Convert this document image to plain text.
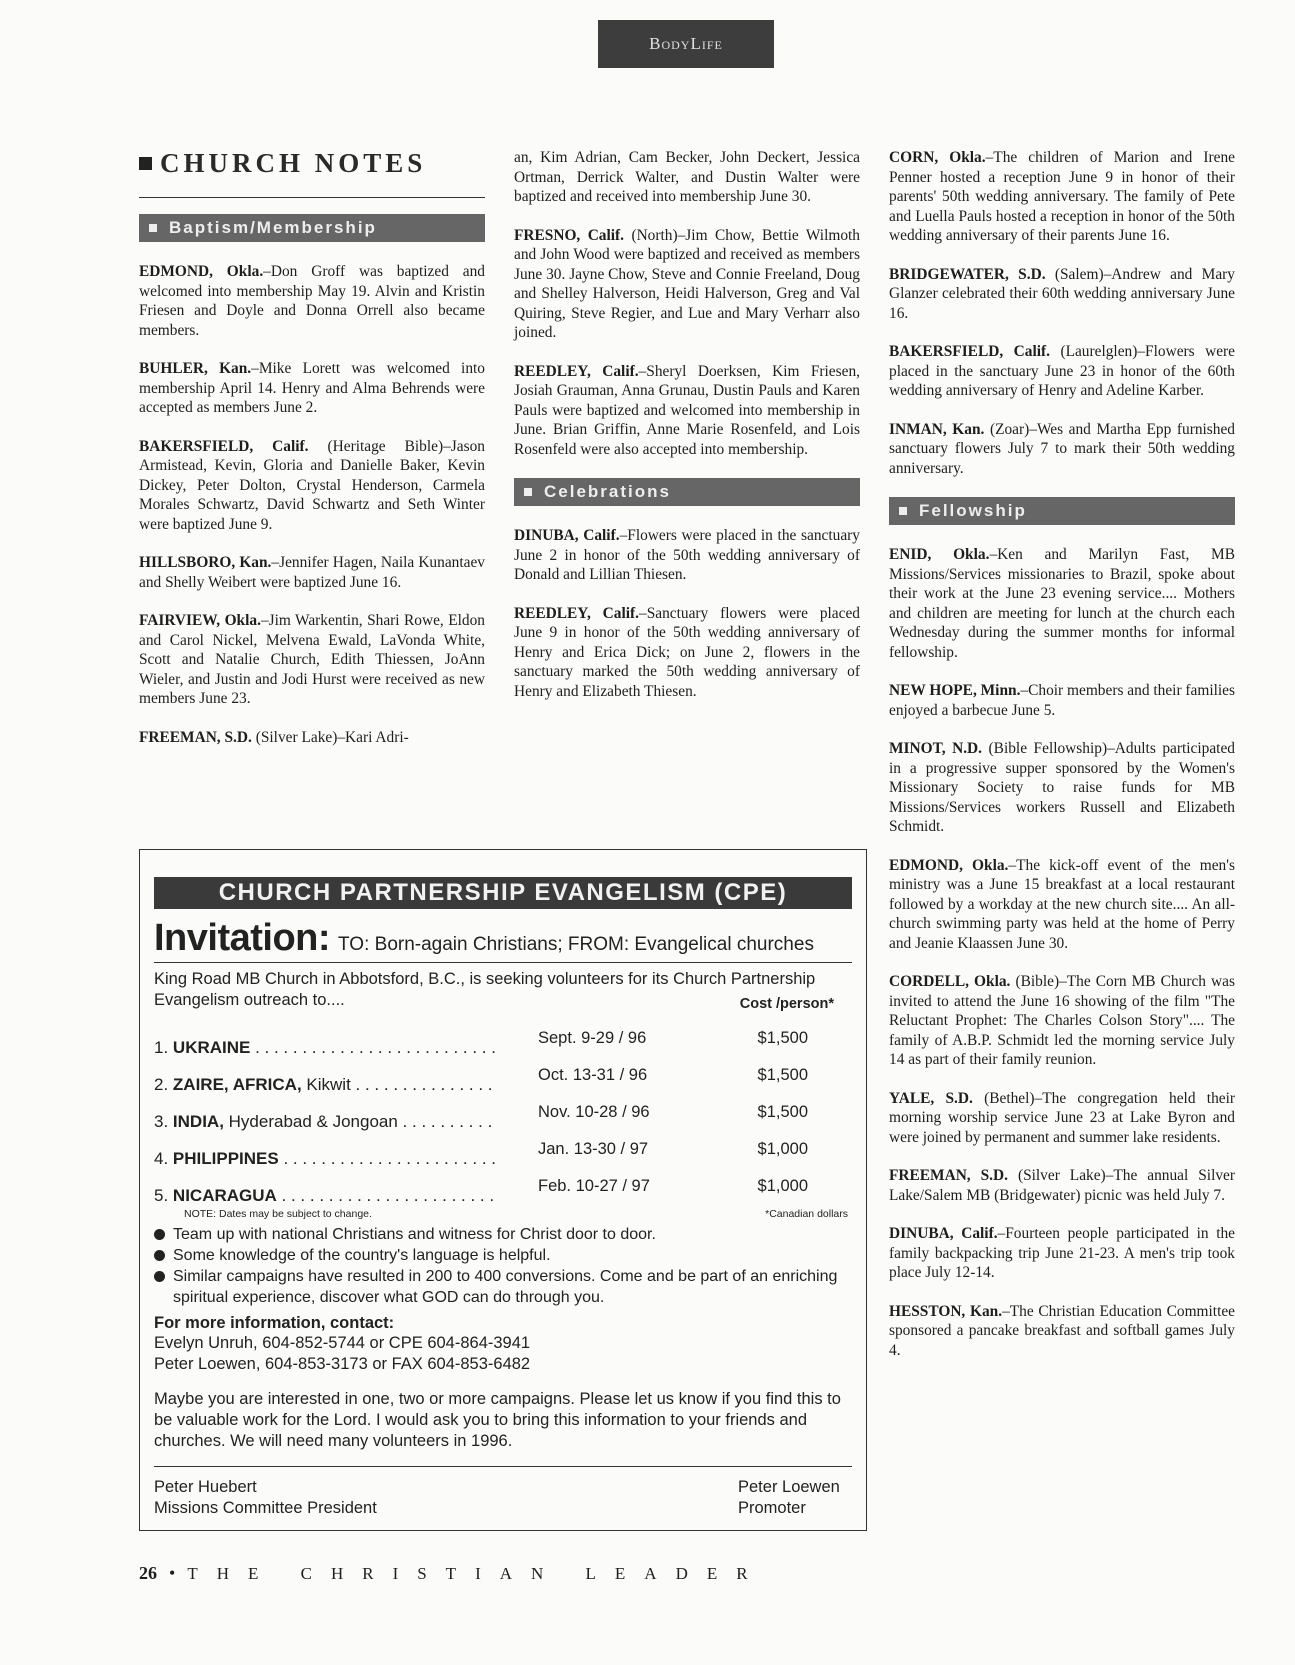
BodyLife
CHURCH NOTES
Baptism/Membership

EDMOND, Okla.–Don Groff was baptized and welcomed into membership May 19. Alvin and Kristin Friesen and Doyle and Donna Orrell also became members.

BUHLER, Kan.–Mike Lorett was welcomed into membership April 14. Henry and Alma Behrends were accepted as members June 2.

BAKERSFIELD, Calif. (Heritage Bible)–Jason Armistead, Kevin, Gloria and Danielle Baker, Kevin Dickey, Peter Dolton, Crystal Henderson, Carmela Morales Schwartz, David Schwartz and Seth Winter were baptized June 9.

HILLSBORO, Kan.–Jennifer Hagen, Naila Kunantaev and Shelly Weibert were baptized June 16.

FAIRVIEW, Okla.–Jim Warkentin, Shari Rowe, Eldon and Carol Nickel, Melvena Ewald, LaVonda White, Scott and Natalie Church, Edith Thiessen, JoAnn Wieler, and Justin and Jodi Hurst were received as new members June 23.

FREEMAN, S.D. (Silver Lake)–Kari Adri-

an, Kim Adrian, Cam Becker, John Deckert, Jessica Ortman, Derrick Walter, and Dustin Walter were baptized and received into membership June 30.

FRESNO, Calif. (North)–Jim Chow, Bettie Wilmoth and John Wood were baptized and received as members June 30. Jayne Chow, Steve and Connie Freeland, Doug and Shelley Halverson, Heidi Halverson, Greg and Val Quiring, Steve Regier, and Lue and Mary Verharr also joined.

REEDLEY, Calif.–Sheryl Doerksen, Kim Friesen, Josiah Grauman, Anna Grunau, Dustin Pauls and Karen Pauls were baptized and welcomed into membership in June. Brian Griffin, Anne Marie Rosenfeld, and Lois Rosenfeld were also accepted into membership.

Celebrations

DINUBA, Calif.–Flowers were placed in the sanctuary June 2 in honor of the 50th wedding anniversary of Donald and Lillian Thiesen.

REEDLEY, Calif.–Sanctuary flowers were placed June 9 in honor of the 50th wedding anniversary of Henry and Erica Dick; on June 2, flowers in the sanctuary marked the 50th wedding anniversary of Henry and Elizabeth Thiesen.

CORN, Okla.–The children of Marion and Irene Penner hosted a reception June 9 in honor of their parents' 50th wedding anniversary. The family of Pete and Luella Pauls hosted a reception in honor of the 50th wedding anniversary of their parents June 16.

BRIDGEWATER, S.D. (Salem)–Andrew and Mary Glanzer celebrated their 60th wedding anniversary June 16.

BAKERSFIELD, Calif. (Laurelglen)–Flowers were placed in the sanctuary June 23 in honor of the 60th wedding anniversary of Henry and Adeline Karber.

INMAN, Kan. (Zoar)–Wes and Martha Epp furnished sanctuary flowers July 7 to mark their 50th wedding anniversary.

Fellowship

ENID, Okla.–Ken and Marilyn Fast, MB Missions/Services missionaries to Brazil, spoke about their work at the June 23 evening service.... Mothers and children are meeting for lunch at the church each Wednesday during the summer months for informal fellowship.

NEW HOPE, Minn.–Choir members and their families enjoyed a barbecue June 5.

MINOT, N.D. (Bible Fellowship)–Adults participated in a progressive supper sponsored by the Women's Missionary Society to raise funds for MB Missions/Services workers Russell and Elizabeth Schmidt.

EDMOND, Okla.–The kick-off event of the men's ministry was a June 15 breakfast at a local restaurant followed by a workday at the new church site.... An all-church swimming party was held at the home of Perry and Jeanie Klaassen June 30.

CORDELL, Okla. (Bible)–The Corn MB Church was invited to attend the June 16 showing of the film "The Reluctant Prophet: The Charles Colson Story".... The family of A.B.P. Schmidt led the morning service July 14 as part of their family reunion.

YALE, S.D. (Bethel)–The congregation held their morning worship service June 23 at Lake Byron and were joined by permanent and summer lake residents.

FREEMAN, S.D. (Silver Lake)–The annual Silver Lake/Salem MB (Bridgewater) picnic was held July 7.

DINUBA, Calif.–Fourteen people participated in the family backpacking trip June 21-23. A men's trip took place July 12-14.

HESSTON, Kan.–The Christian Education Committee sponsored a pancake breakfast and softball games July 4.

CHURCH PARTNERSHIP EVANGELISM (CPE)
Invitation: TO: Born-again Christians; FROM: Evangelical churches
King Road MB Church in Abbotsford, B.C., is seeking volunteers for its Church Partnership Evangelism outreach to....	Cost /person*
1. UKRAINE . . . . . . . . . . . . . . . . . . . . . . . . . .	Sept. 9-29 / 96	$1,500
2. ZAIRE, AFRICA, Kikwit . . . . . . . . . . . . . . .	Oct. 13-31 / 96	$1,500
3. INDIA, Hyderabad & Jongoan . . . . . . . . . .	Nov. 10-28 / 96	$1,500
4. PHILIPPINES . . . . . . . . . . . . . . . . . . . . . . .	Jan. 13-30 / 97	$1,000
5. NICARAGUA . . . . . . . . . . . . . . . . . . . . . . .	Feb. 10-27 / 97	$1,000
NOTE: Dates may be subject to change.	*Canadian dollars
Team up with national Christians and witness for Christ door to door.
Some knowledge of the country's language is helpful.
Similar campaigns have resulted in 200 to 400 conversions. Come and be part of an enriching spiritual experience, discover what GOD can do through you.
For more information, contact:
Evelyn Unruh, 604-852-5744 or CPE 604-864-3941
Peter Loewen, 604-853-3173 or FAX 604-853-6482
Maybe you are interested in one, two or more campaigns. Please let us know if you find this to be valuable work for the Lord. I would ask you to bring this information to your friends and churches. We will need many volunteers in 1996.
Peter Huebert
Missions Committee President
Peter Loewen
Promoter
26 • THE CHRISTIAN LEADER
